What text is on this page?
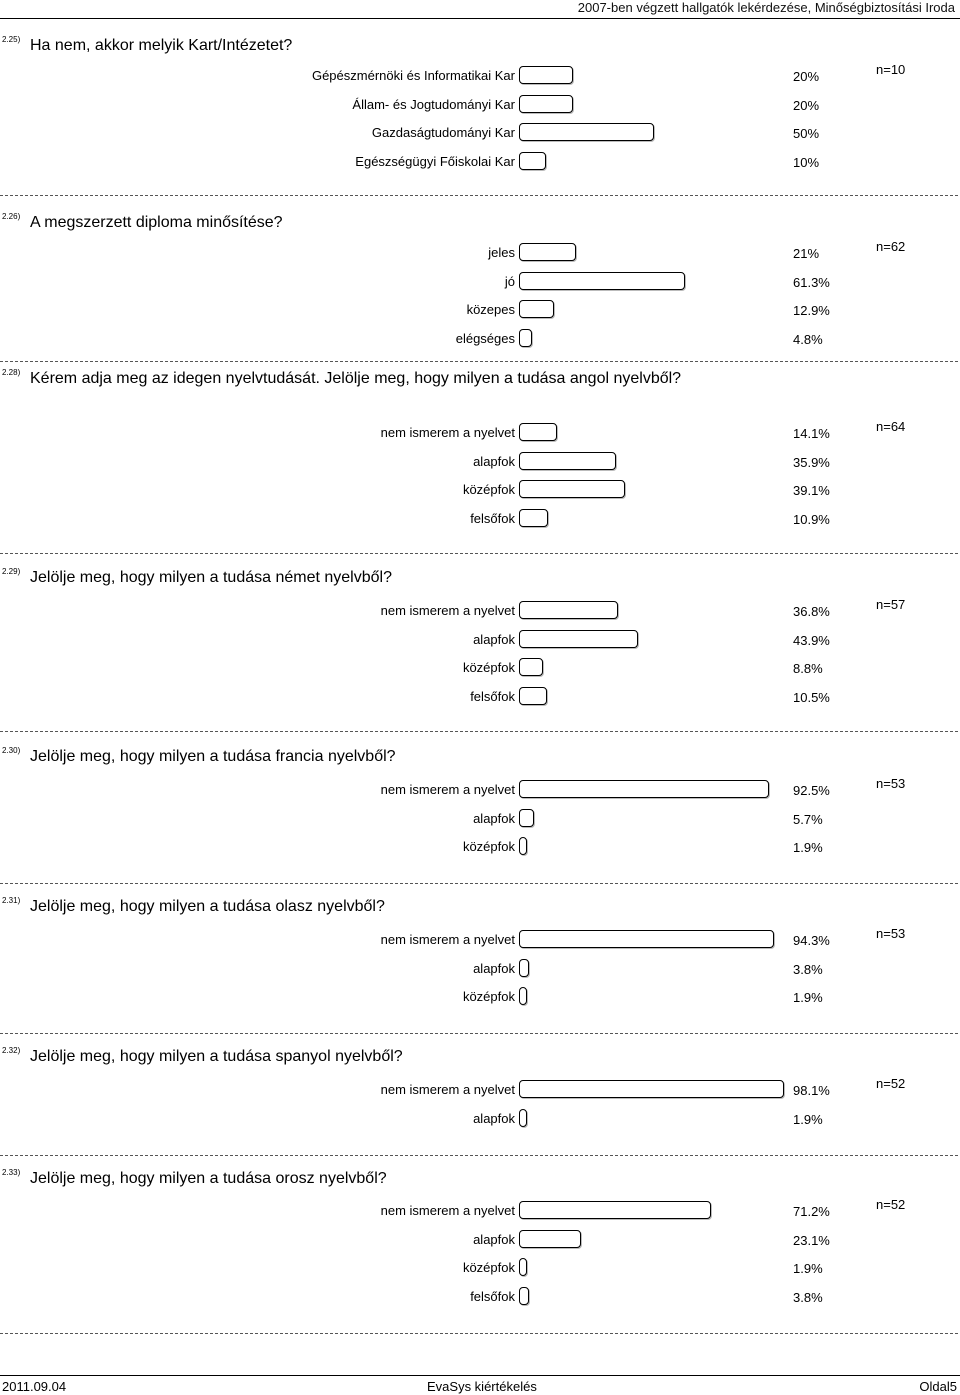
2007-ben végzett hallgatók lekérdezése, Minőségbiztosítási Iroda
2.25) Ha nem, akkor melyik Kart/Intézetet?
n=10
Gépészmérnöki és Informatikai Kar	20%
Állam- és Jogtudományi Kar	20%
Gazdaságtudományi Kar	50%
Egészségügyi Főiskolai Kar	10%
2.26) A megszerzett diploma minősítése?
n=62
jeles	21%
jó	61.3%
közepes	12.9%
elégséges	4.8%
2.28) Kérem adja meg az idegen nyelvtudását. Jelölje meg, hogy milyen a tudása angol nyelvből?
n=64
nem ismerem a nyelvet	14.1%
alapfok	35.9%
középfok	39.1%
felsőfok	10.9%
2.29) Jelölje meg, hogy milyen a tudása német nyelvből?
n=57
nem ismerem a nyelvet	36.8%
alapfok	43.9%
középfok	8.8%
felsőfok	10.5%
2.30) Jelölje meg, hogy milyen a tudása francia nyelvből?
n=53
nem ismerem a nyelvet	92.5%
alapfok	5.7%
középfok	1.9%
2.31) Jelölje meg, hogy milyen a tudása olasz nyelvből?
n=53
nem ismerem a nyelvet	94.3%
alapfok	3.8%
középfok	1.9%
2.32) Jelölje meg, hogy milyen a tudása spanyol nyelvből?
n=52
nem ismerem a nyelvet	98.1%
alapfok	1.9%
2.33) Jelölje meg, hogy milyen a tudása orosz nyelvből?
n=52
nem ismerem a nyelvet	71.2%
alapfok	23.1%
középfok	1.9%
felsőfok	3.8%
2011.09.04	EvaSys kiértékelés	Oldal5
